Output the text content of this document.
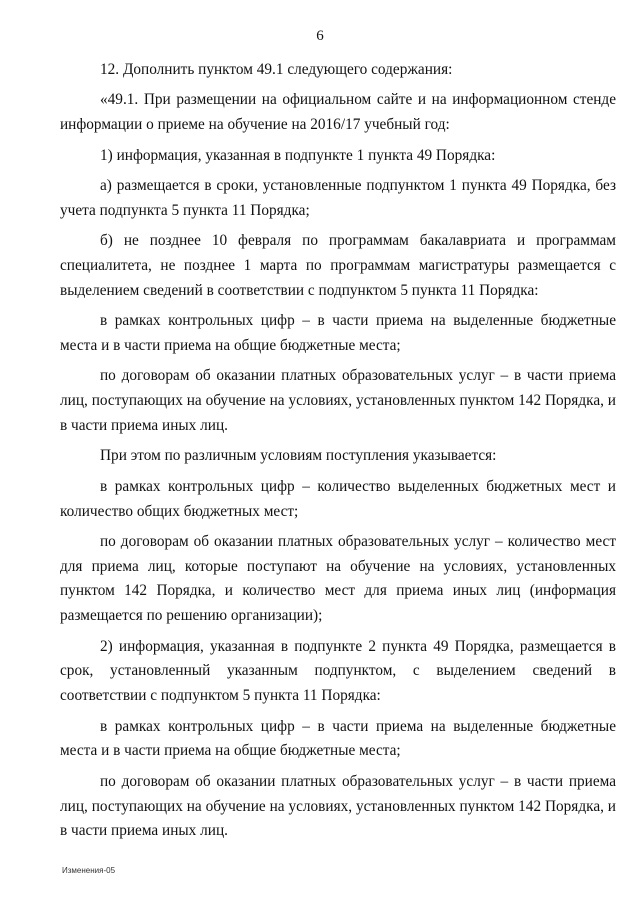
6

12. Дополнить пунктом 49.1 следующего содержания:

«49.1. При размещении на официальном сайте и на информационном стенде информации о приеме на обучение на 2016/17 учебный год:

1) информация, указанная в подпункте 1 пункта 49 Порядка:

а) размещается в сроки, установленные подпунктом 1 пункта 49 Порядка, без учета подпункта 5 пункта 11 Порядка;

б) не позднее 10 февраля по программам бакалавриата и программам специалитета, не позднее 1 марта по программам магистратуры размещается с выделением сведений в соответствии с подпунктом 5 пункта 11 Порядка:

в рамках контрольных цифр – в части приема на выделенные бюджетные места и в части приема на общие бюджетные места;

по договорам об оказании платных образовательных услуг – в части приема лиц, поступающих на обучение на условиях, установленных пунктом 142 Порядка, и в части приема иных лиц.

При этом по различным условиям поступления указывается:

в рамках контрольных цифр – количество выделенных бюджетных мест и количество общих бюджетных мест;

по договорам об оказании платных образовательных услуг – количество мест для приема лиц, которые поступают на обучение на условиях, установленных пунктом 142 Порядка, и количество мест для приема иных лиц (информация размещается по решению организации);

2) информация, указанная в подпункте 2 пункта 49 Порядка, размещается в срок, установленный указанным подпунктом, с выделением сведений в соответствии с подпунктом 5 пункта 11 Порядка:

в рамках контрольных цифр – в части приема на выделенные бюджетные места и в части приема на общие бюджетные места;

по договорам об оказании платных образовательных услуг – в части приема лиц, поступающих на обучение на условиях, установленных пунктом 142 Порядка, и в части приема иных лиц.

Изменения-05
